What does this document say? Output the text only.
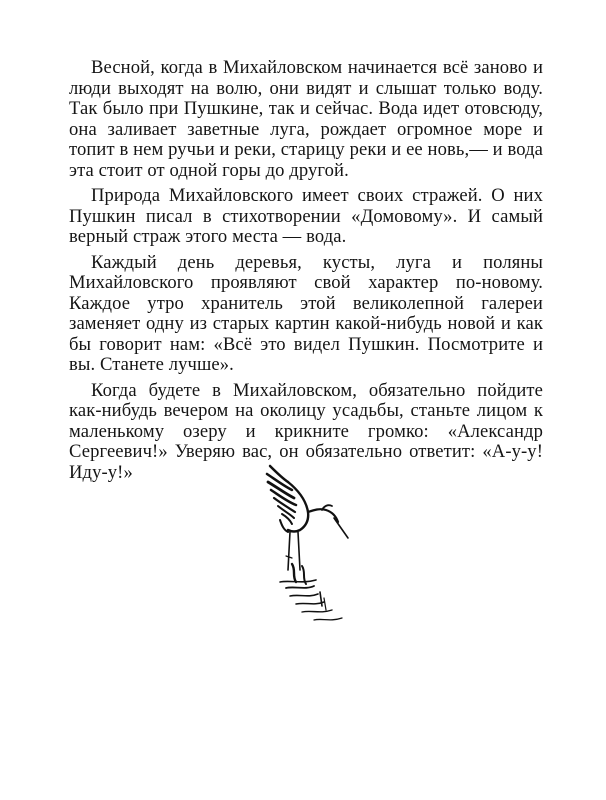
Весной, когда в Михайловском начинается всё заново и люди выходят на волю, они видят и слышат только воду. Так было при Пушкине, так и сейчас. Вода идет отовсюду, она заливает заветные луга, рождает огромное море и топит в нем ручьи и реки, старицу реки и ее новь,— и вода эта стоит от одной горы до другой.

Природа Михайловского имеет своих стражей. О них Пушкин писал в стихотворении «Домовому». И самый верный страж этого места — вода.

Каждый день деревья, кусты, луга и поляны Михайловского проявляют свой характер по-новому. Каждое утро хранитель этой великолепной галереи заменяет одну из старых картин какой-нибудь новой и как бы говорит нам: «Всё это видел Пушкин. Посмотрите и вы. Станете лучше».

Когда будете в Михайловском, обязательно пойдите как-нибудь вечером на околицу усадьбы, станьте лицом к маленькому озеру и крикните громко: «Александр Сергеевич!» Уверяю вас, он обязательно ответит: «А-у-у! Иду-у!»
